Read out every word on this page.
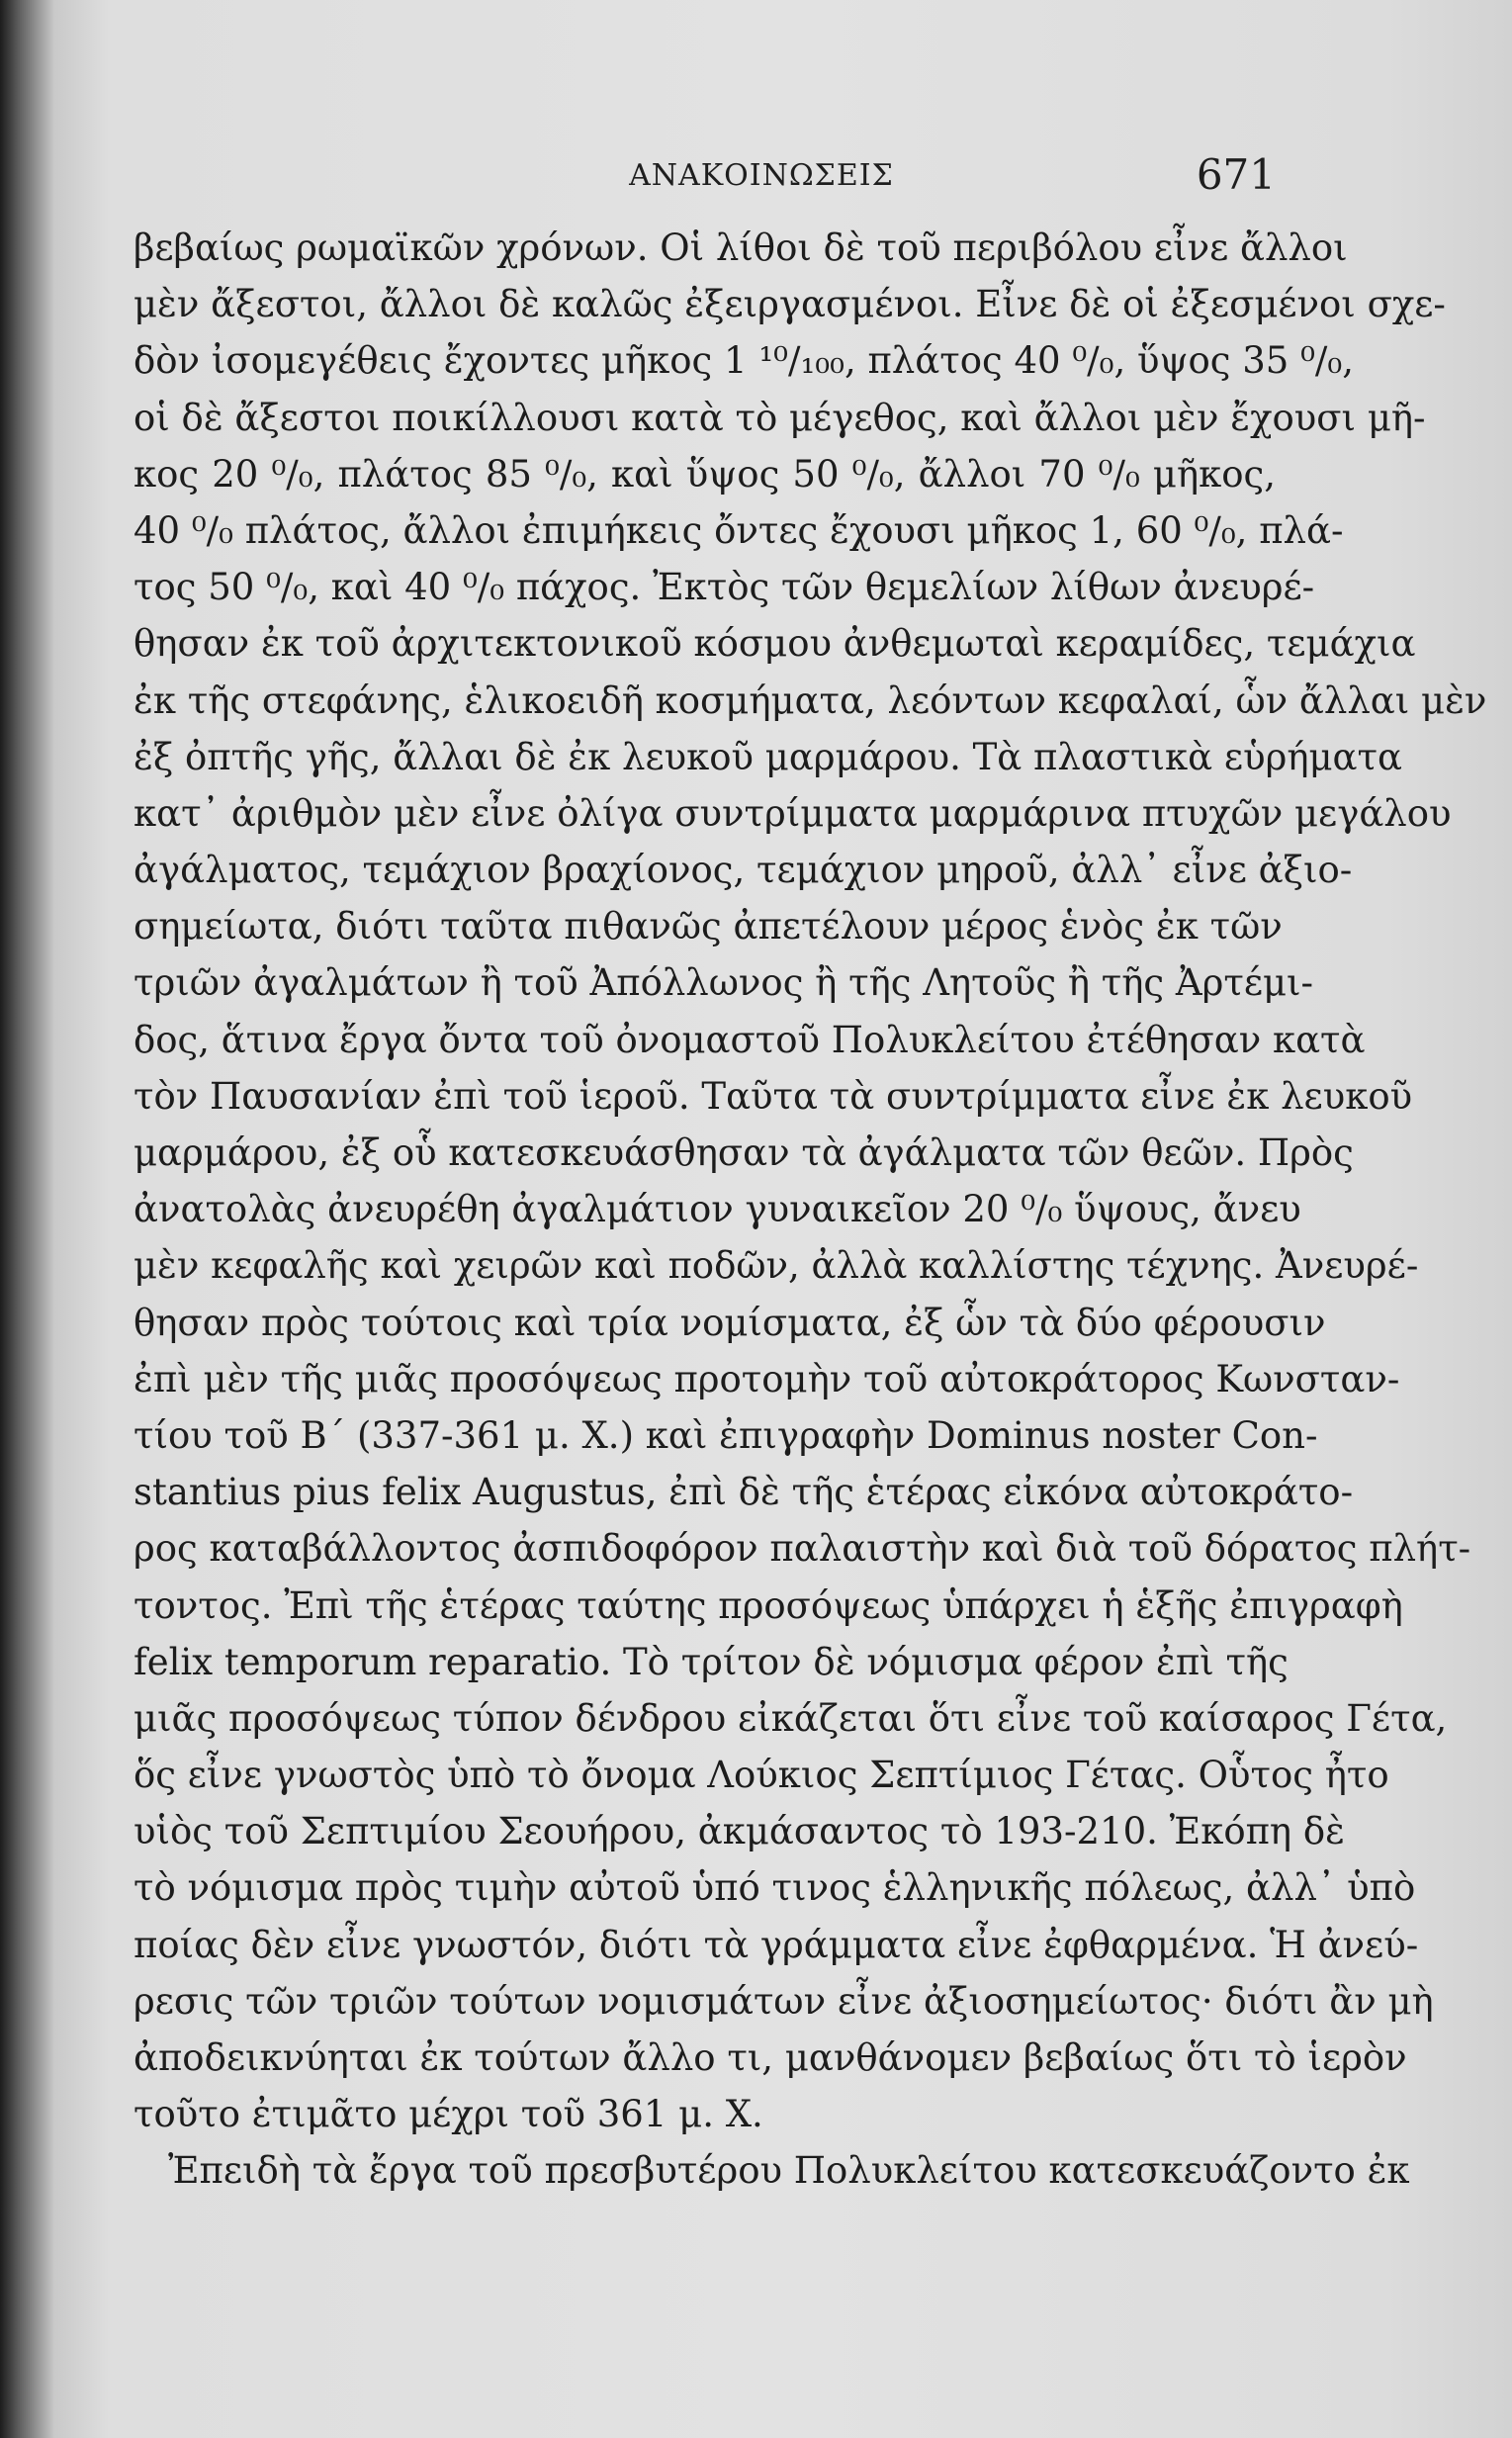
ΑΝΑΚΟΙΝΩΣΕΙΣ	671
βεβαίως ρωμαϊκῶν χρόνων. Οἱ λίθοι δὲ τοῦ περιβόλου εἶνε ἄλλοι
μὲν ἄξεστοι, ἄλλοι δὲ καλῶς ἐξειργασμένοι. Εἶνε δὲ οἱ ἐξεσμένοι σχε-
δὸν ἰσομεγέθεις ἔχοντες μῆκος 1 ¹⁰/₁₀₀, πλάτος 40 ⁰/₀, ὕψος 35 ⁰/₀,
οἱ δὲ ἄξεστοι ποικίλλουσι κατὰ τὸ μέγεθος, καὶ ἄλλοι μὲν ἔχουσι μῆ-
κος 20 ⁰/₀, πλάτος 85 ⁰/₀, καὶ ὕψος 50 ⁰/₀, ἄλλοι 70 ⁰/₀ μῆκος,
40 ⁰/₀ πλάτος, ἄλλοι ἐπιμήκεις ὄντες ἔχουσι μῆκος 1, 60 ⁰/₀, πλά-
τος 50 ⁰/₀, καὶ 40 ⁰/₀ πάχος. Ἐκτὸς τῶν θεμελίων λίθων ἀνευρέ-
θησαν ἐκ τοῦ ἀρχιτεκτονικοῦ κόσμου ἀνθεμωταὶ κεραμίδες, τεμάχια
ἐκ τῆς στεφάνης, ἑλικοειδῆ κοσμήματα, λεόντων κεφαλαί, ὧν ἄλλαι μὲν
ἐξ ὀπτῆς γῆς, ἄλλαι δὲ ἐκ λευκοῦ μαρμάρου. Τὰ πλαστικὰ εὑρήματα
κατ᾽ ἀριθμὸν μὲν εἶνε ὀλίγα συντρίμματα μαρμάρινα πτυχῶν μεγάλου
ἀγάλματος, τεμάχιον βραχίονος, τεμάχιον μηροῦ, ἀλλ᾽ εἶνε ἀξιο-
σημείωτα, διότι ταῦτα πιθανῶς ἀπετέλουν μέρος ἑνὸς ἐκ τῶν
τριῶν ἀγαλμάτων ἢ τοῦ Ἀπόλλωνος ἢ τῆς Λητοῦς ἢ τῆς Ἀρτέμι-
δος, ἅτινα ἔργα ὄντα τοῦ ὀνομαστοῦ Πολυκλείτου ἐτέθησαν κατὰ
τὸν Παυσανίαν ἐπὶ τοῦ ἱεροῦ. Ταῦτα τὰ συντρίμματα εἶνε ἐκ λευκοῦ
μαρμάρου, ἐξ οὗ κατεσκευάσθησαν τὰ ἀγάλματα τῶν θεῶν. Πρὸς
ἀνατολὰς ἀνευρέθη ἀγαλμάτιον γυναικεῖον 20 ⁰/₀ ὕψους, ἄνευ
μὲν κεφαλῆς καὶ χειρῶν καὶ ποδῶν, ἀλλὰ καλλίστης τέχνης. Ἀνευρέ-
θησαν πρὸς τούτοις καὶ τρία νομίσματα, ἐξ ὧν τὰ δύο φέρουσιν
ἐπὶ μὲν τῆς μιᾶς προσόψεως προτομὴν τοῦ αὐτοκράτορος Κωνσταν-
τίου τοῦ Β΄ (337-361 μ. Χ.) καὶ ἐπιγραφὴν Dominus noster Con-
stantius pius felix Augustus, ἐπὶ δὲ τῆς ἑτέρας εἰκόνα αὐτοκράτο-
ρος καταβάλλοντος ἀσπιδοφόρον παλαιστὴν καὶ διὰ τοῦ δόρατος πλήτ-
τοντος. Ἐπὶ τῆς ἑτέρας ταύτης προσόψεως ὑπάρχει ἡ ἑξῆς ἐπιγραφὴ
felix temporum reparatio. Τὸ τρίτον δὲ νόμισμα φέρον ἐπὶ τῆς
μιᾶς προσόψεως τύπον δένδρου εἰκάζεται ὅτι εἶνε τοῦ καίσαρος Γέτα,
ὅς εἶνε γνωστὸς ὑπὸ τὸ ὄνομα Λούκιος Σεπτίμιος Γέτας. Οὗτος ἦτο
υἱὸς τοῦ Σεπτιμίου Σεουήρου, ἀκμάσαντος τὸ 193-210. Ἐκόπη δὲ
τὸ νόμισμα πρὸς τιμὴν αὐτοῦ ὑπό τινος ἑλληνικῆς πόλεως, ἀλλ᾽ ὑπὸ
ποίας δὲν εἶνε γνωστόν, διότι τὰ γράμματα εἶνε ἐφθαρμένα. Ἡ ἀνεύ-
ρεσις τῶν τριῶν τούτων νομισμάτων εἶνε ἀξιοσημείωτος· διότι ἂν μὴ
ἀποδεικνύηται ἐκ τούτων ἄλλο τι, μανθάνομεν βεβαίως ὅτι τὸ ἱερὸν
τοῦτο ἐτιμᾶτο μέχρι τοῦ 361 μ. Χ.
Ἐπειδὴ τὰ ἔργα τοῦ πρεσβυτέρου Πολυκλείτου κατεσκευάζοντο ἐκ
